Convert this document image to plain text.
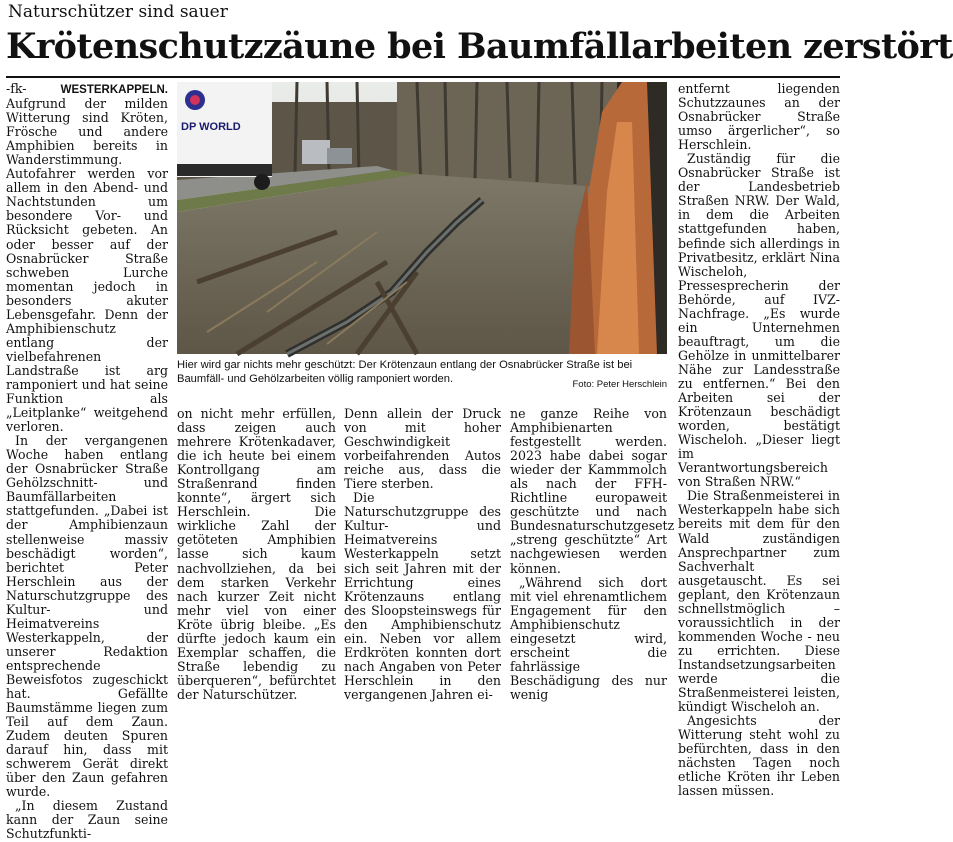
Naturschützer sind sauer
Krötenschutzzäune bei Baumfällarbeiten zerstört

-fk-	WESTERKAPPELN. Aufgrund der milden Witterung sind Kröten, Frösche und andere Amphibien bereits in Wanderstimmung. Autofahrer werden vor allem in den Abend- und Nachtstunden um besondere Vor- und Rücksicht gebeten. An oder besser auf der Osnabrücker Straße schweben Lurche momentan jedoch in besonders akuter Lebensgefahr. Denn der Amphibienschutz entlang der vielbefahrenen Landstraße ist arg ramponiert und hat seine Funktion als „Leitplanke“ weitgehend verloren.

In der vergangenen Woche haben entlang der Osnabrücker Straße Gehölzschnitt- und Baumfällarbeiten stattgefunden. „Dabei ist der Amphibienzaun stellenweise massiv beschädigt worden“, berichtet Peter Herschlein aus der Naturschutzgruppe des Kultur- und Heimatvereins Westerkappeln, der unserer Redaktion entsprechende Beweisfotos zugeschickt hat. Gefällte Baumstämme liegen zum Teil auf dem Zaun. Zudem deuten Spuren darauf hin, dass mit schwerem Gerät direkt über den Zaun gefahren wurde.

„In diesem Zustand kann der Zaun seine Schutzfunkti-

DP WORLD
Hier wird gar nichts mehr geschützt: Der Krötenzaun entlang der Osnabrücker Straße ist bei Baumfäll- und Gehölzarbeiten völlig ramponiert worden.	Foto: Peter Herschlein

on nicht mehr erfüllen, dass zeigen auch mehrere Krötenkadaver, die ich heute bei einem Kontrollgang am Straßenrand finden konnte“, ärgert sich Herschlein. Die wirkliche Zahl der getöteten Amphibien lasse sich kaum nachvollziehen, da bei dem starken Verkehr nach kurzer Zeit nicht mehr viel von einer Kröte übrig bleibe. „Es dürfte jedoch kaum ein Exemplar schaffen, die Straße lebendig zu überqueren“, befürchtet der Naturschützer.

Denn allein der Druck von mit hoher Geschwindigkeit vorbeifahrenden Autos reiche aus, dass die Tiere sterben.

Die Naturschutzgruppe des Kultur- und Heimatvereins Westerkappeln setzt sich seit Jahren mit der Errichtung eines Krötenzauns entlang des Sloopsteinswegs für den Amphibienschutz ein. Neben vor allem Erdkröten konnten dort nach Angaben von Peter Herschlein in den vergangenen Jahren ei-

ne ganze Reihe von Amphibienarten festgestellt werden. 2023 habe dabei sogar wieder der Kammmolch als nach der FFH-Richtline europaweit geschützte und nach Bundesnaturschutzgesetz „streng geschützte“ Art nachgewiesen werden können.

„Während sich dort mit viel ehrenamtlichem Engagement für den Amphibienschutz eingesetzt wird, erscheint die fahrlässige Beschädigung des nur wenig

entfernt liegenden Schutzzaunes an der Osnabrücker Straße umso ärgerlicher“, so Herschlein.

Zuständig für die Osnabrücker Straße ist der Landesbetrieb Straßen NRW. Der Wald, in dem die Arbeiten stattgefunden haben, befinde sich allerdings in Privatbesitz, erklärt Nina Wischeloh, Pressesprecherin der Behörde, auf IVZ-Nachfrage. „Es wurde ein Unternehmen beauftragt, um die Gehölze in unmittelbarer Nähe zur Landesstraße zu entfernen.“ Bei den Arbeiten sei der Krötenzaun beschädigt worden, bestätigt Wischeloh. „Dieser liegt im Verantwortungsbereich von Straßen NRW.“

Die Straßenmeisterei in Westerkappeln habe sich bereits mit dem für den Wald zuständigen Ansprechpartner zum Sachverhalt ausgetauscht. Es sei geplant, den Krötenzaun schnellstmöglich – voraussichtlich in der kommenden Woche - neu zu errichten. Diese Instandsetzungsarbeiten werde die Straßenmeisterei leisten, kündigt Wischeloh an.

Angesichts der Witterung steht wohl zu befürchten, dass in den nächsten Tagen noch etliche Kröten ihr Leben lassen müssen.
